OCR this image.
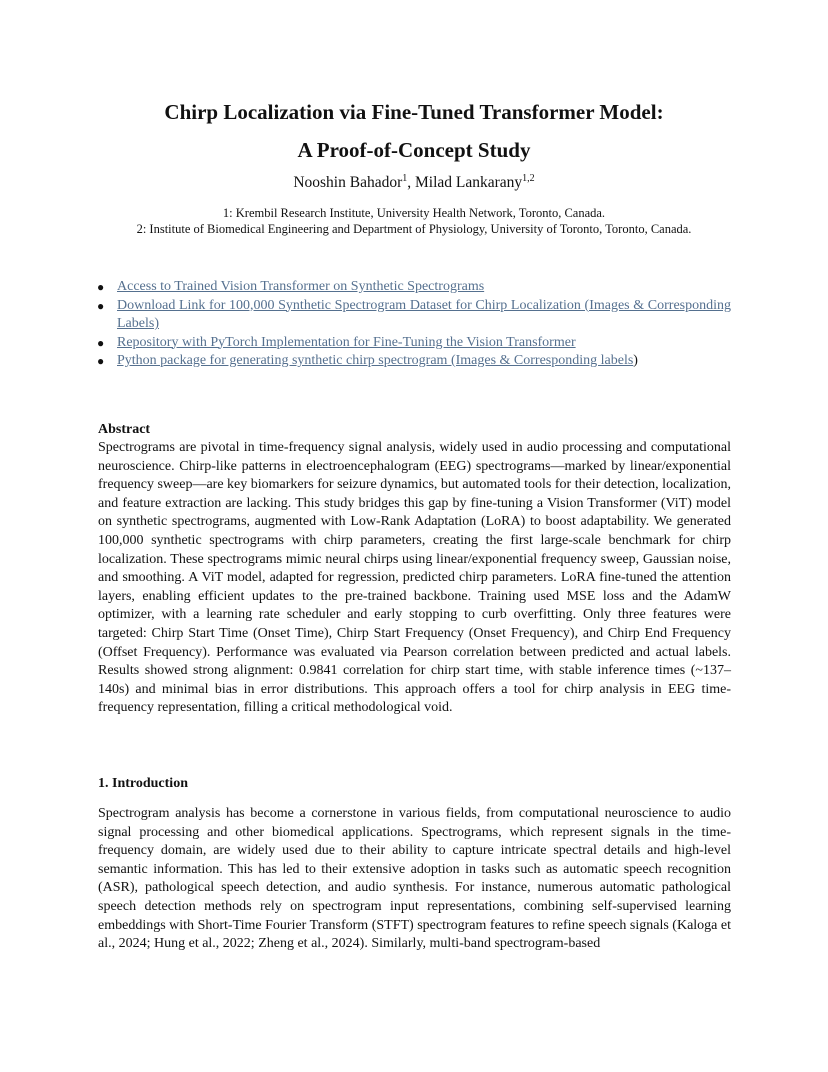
Chirp Localization via Fine-Tuned Transformer Model:
A Proof-of-Concept Study
Nooshin Bahador$^1$, Milad Lankarany$^{1,2}$
1: Krembil Research Institute, University Health Network, Toronto, Canada.
2: Institute of Biomedical Engineering and Department of Physiology, University of Toronto, Toronto, Canada.
● Access to Trained Vision Transformer on Synthetic Spectrograms
● Download Link for 100,000 Synthetic Spectrogram Dataset for Chirp Localization (Images & Corresponding Labels)
● Repository with PyTorch Implementation for Fine-Tuning the Vision Transformer
● Python package for generating synthetic chirp spectrogram (Images & Corresponding labels)
Abstract

Spectrograms are pivotal in time-frequency signal analysis, widely used in audio processing and computational neuroscience. Chirp-like patterns in electroencephalogram (EEG) spectrograms—marked by linear/exponential frequency sweep—are key biomarkers for seizure dynamics, but automated tools for their detection, localization, and feature extraction are lacking. This study bridges this gap by fine-tuning a Vision Transformer (ViT) model on synthetic spectrograms, augmented with Low-Rank Adaptation (LoRA) to boost adaptability. We generated 100,000 synthetic spectrograms with chirp parameters, creating the first large-scale benchmark for chirp localization. These spectrograms mimic neural chirps using linear/exponential frequency sweep, Gaussian noise, and smoothing. A ViT model, adapted for regression, predicted chirp parameters. LoRA fine-tuned the attention layers, enabling efficient updates to the pre-trained backbone. Training used MSE loss and the AdamW optimizer, with a learning rate scheduler and early stopping to curb overfitting. Only three features were targeted: Chirp Start Time (Onset Time), Chirp Start Frequency (Onset Frequency), and Chirp End Frequency (Offset Frequency). Performance was evaluated via Pearson correlation between predicted and actual labels. Results showed strong alignment: 0.9841 correlation for chirp start time, with stable inference times (~137–140s) and minimal bias in error distributions. This approach offers a tool for chirp analysis in EEG time-frequency representation, filling a critical methodological void.

1. Introduction

Spectrogram analysis has become a cornerstone in various fields, from computational neuroscience to audio signal processing and other biomedical applications. Spectrograms, which represent signals in the time-frequency domain, are widely used due to their ability to capture intricate spectral details and high-level semantic information. This has led to their extensive adoption in tasks such as automatic speech recognition (ASR), pathological speech detection, and audio synthesis. For instance, numerous automatic pathological speech detection methods rely on spectrogram input representations, combining self-supervised learning embeddings with Short-Time Fourier Transform (STFT) spectrogram features to refine speech signals (Kaloga et al., 2024; Hung et al., 2022; Zheng et al., 2024). Similarly, multi-band spectrogram-based
